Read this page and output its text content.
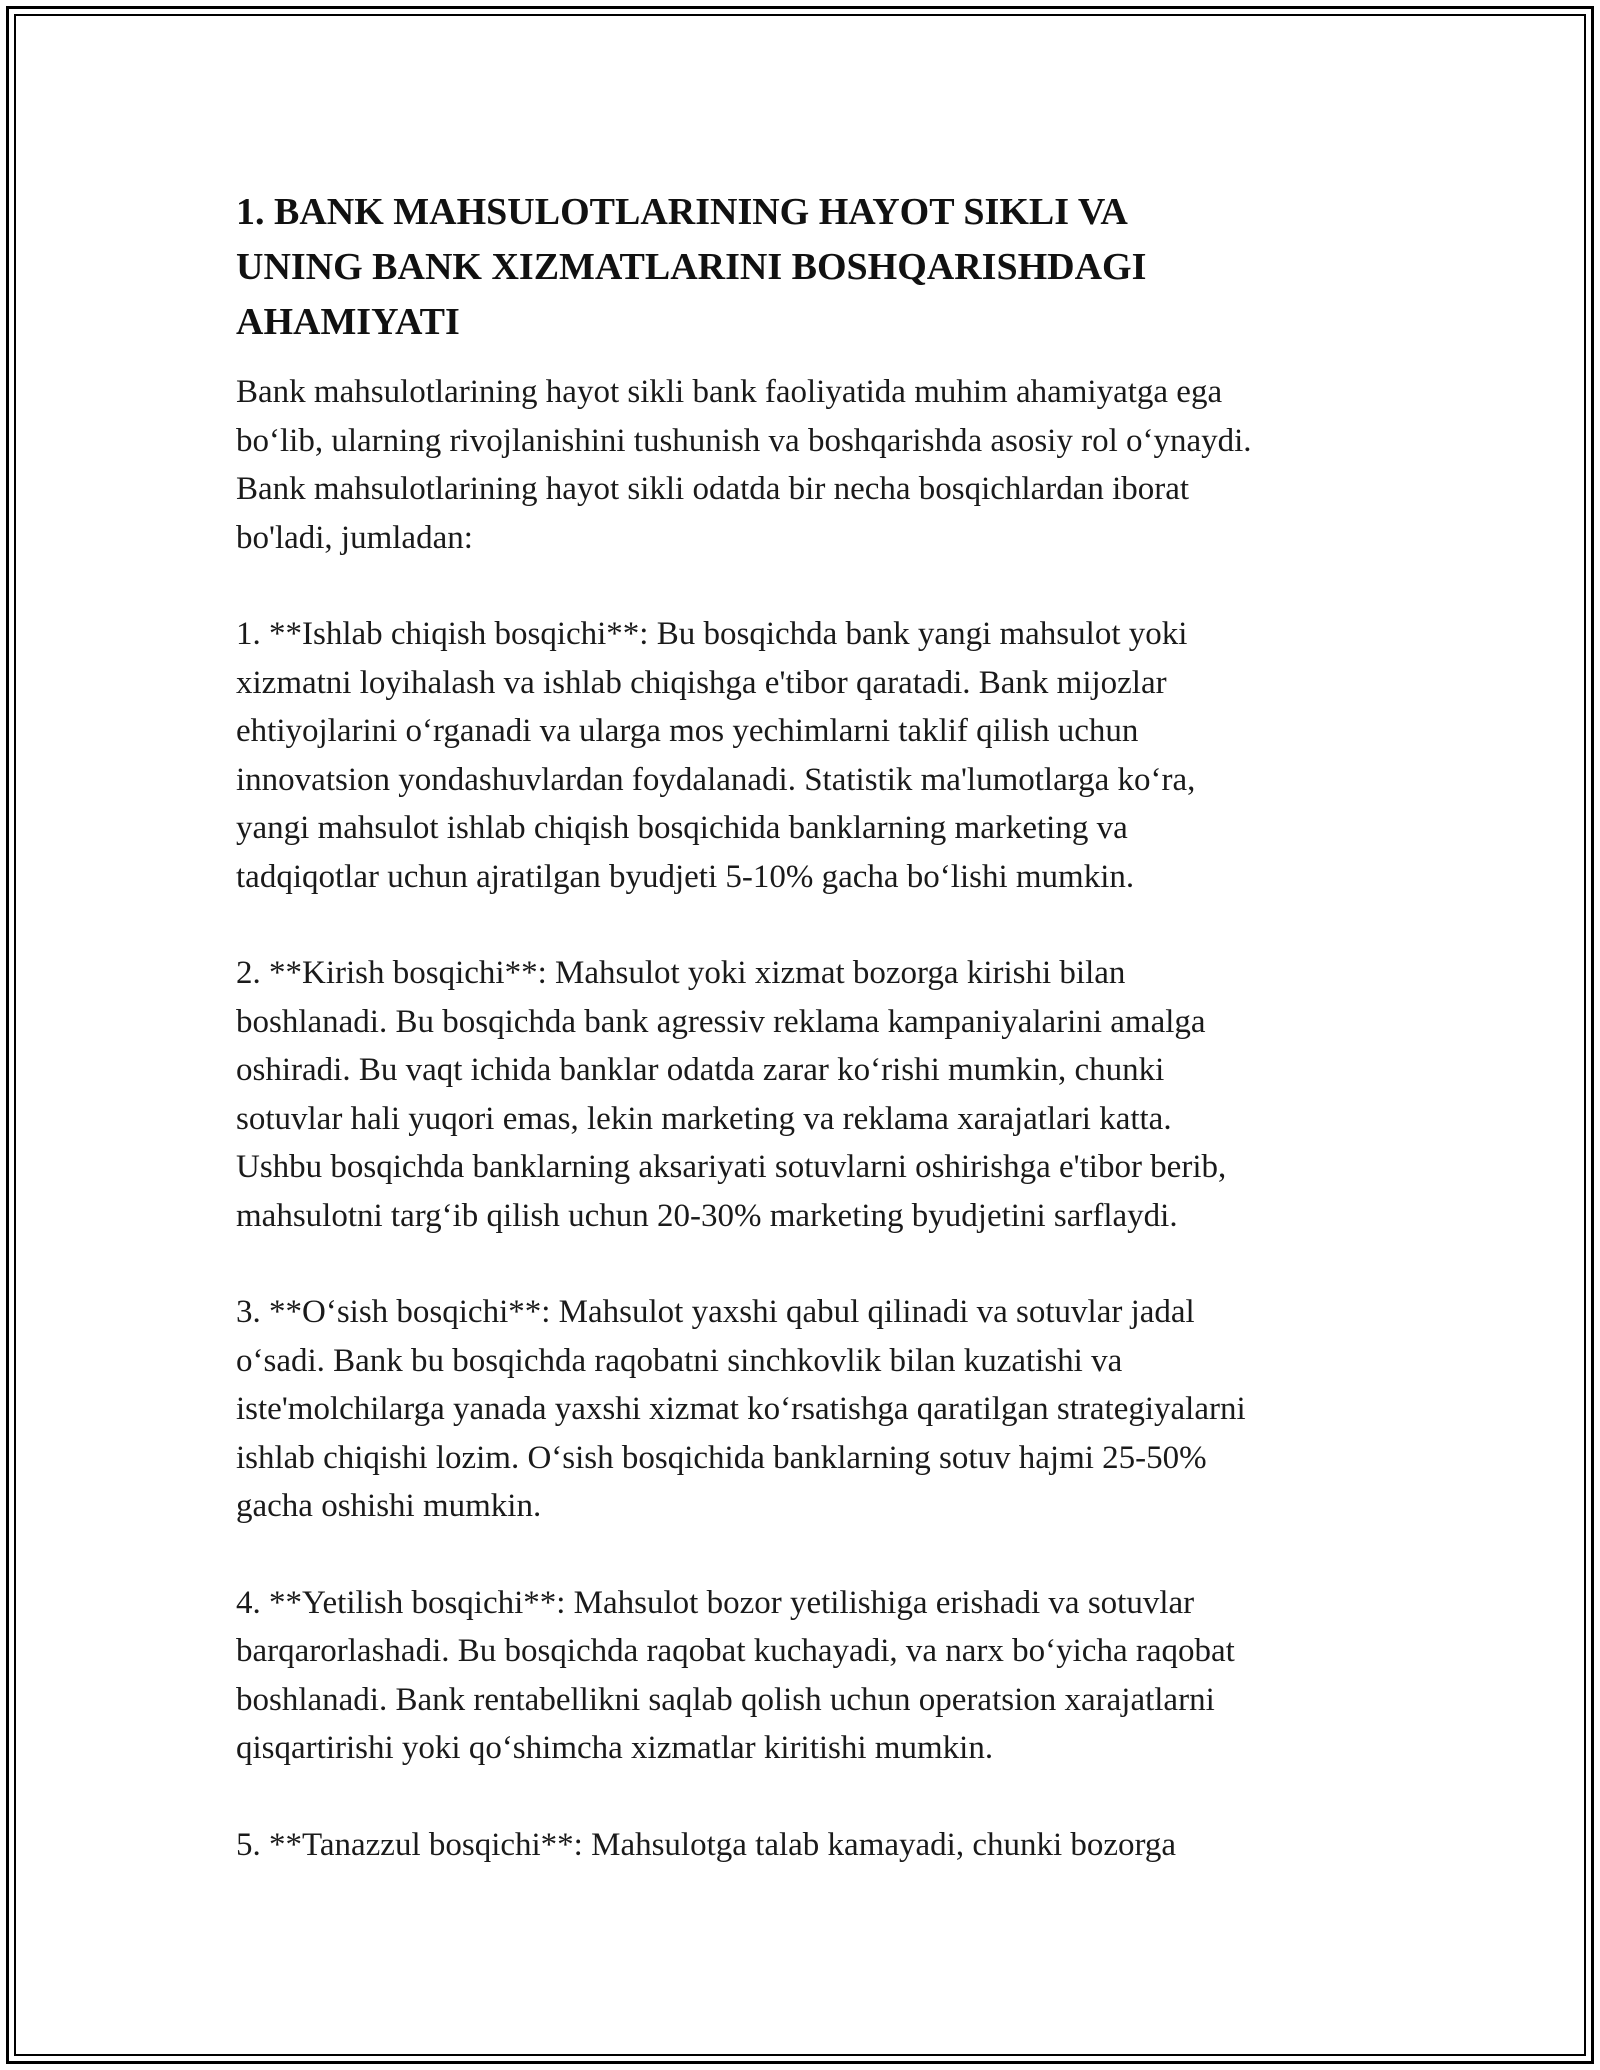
1. BANK MAHSULOTLARINING HAYOT SIKLI VA
UNING BANK XIZMATLARINI BOSHQARISHDAGI
AHAMIYATI

Bank mahsulotlarining hayot sikli bank faoliyatida muhim ahamiyatga ega
bo‘lib, ularning rivojlanishini tushunish va boshqarishda asosiy rol o‘ynaydi.
Bank mahsulotlarining hayot sikli odatda bir necha bosqichlardan iborat
bo'ladi, jumladan:

1. **Ishlab chiqish bosqichi**: Bu bosqichda bank yangi mahsulot yoki
xizmatni loyihalash va ishlab chiqishga e'tibor qaratadi. Bank mijozlar
ehtiyojlarini o‘rganadi va ularga mos yechimlarni taklif qilish uchun
innovatsion yondashuvlardan foydalanadi. Statistik ma'lumotlarga ko‘ra,
yangi mahsulot ishlab chiqish bosqichida banklarning marketing va
tadqiqotlar uchun ajratilgan byudjeti 5-10% gacha bo‘lishi mumkin.

2. **Kirish bosqichi**: Mahsulot yoki xizmat bozorga kirishi bilan
boshlanadi. Bu bosqichda bank agressiv reklama kampaniyalarini amalga
oshiradi. Bu vaqt ichida banklar odatda zarar ko‘rishi mumkin, chunki
sotuvlar hali yuqori emas, lekin marketing va reklama xarajatlari katta.
Ushbu bosqichda banklarning aksariyati sotuvlarni oshirishga e'tibor berib,
mahsulotni targ‘ib qilish uchun 20-30% marketing byudjetini sarflaydi.

3. **O‘sish bosqichi**: Mahsulot yaxshi qabul qilinadi va sotuvlar jadal
o‘sadi. Bank bu bosqichda raqobatni sinchkovlik bilan kuzatishi va
iste'molchilarga yanada yaxshi xizmat ko‘rsatishga qaratilgan strategiyalarni
ishlab chiqishi lozim. O‘sish bosqichida banklarning sotuv hajmi 25-50%
gacha oshishi mumkin.

4. **Yetilish bosqichi**: Mahsulot bozor yetilishiga erishadi va sotuvlar
barqarorlashadi. Bu bosqichda raqobat kuchayadi, va narx bo‘yicha raqobat
boshlanadi. Bank rentabellikni saqlab qolish uchun operatsion xarajatlarni
qisqartirishi yoki qo‘shimcha xizmatlar kiritishi mumkin.

5. **Tanazzul bosqichi**: Mahsulotga talab kamayadi, chunki bozorga
